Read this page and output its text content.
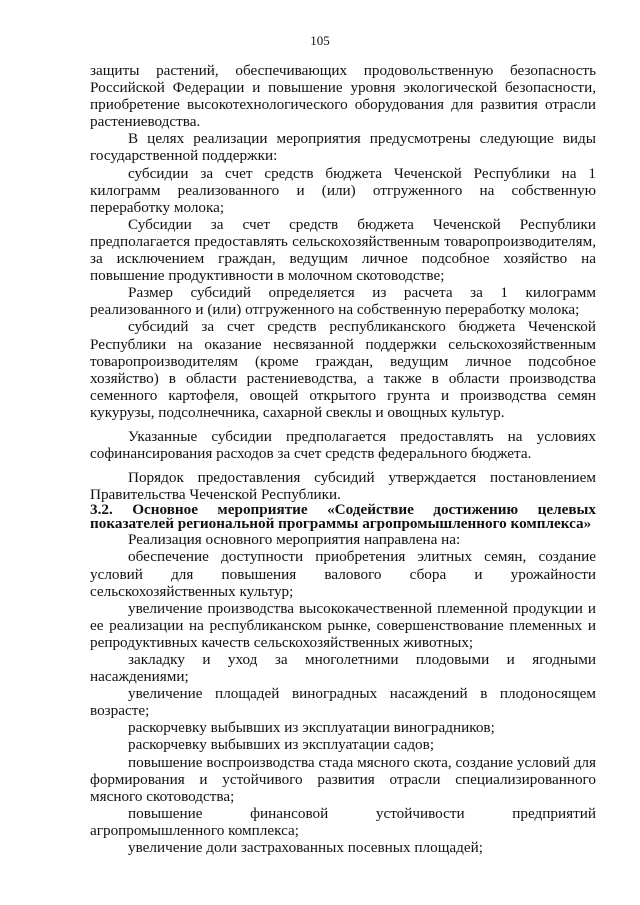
105

защиты растений, обеспечивающих продовольственную безопасность Российской Федерации и повышение уровня экологической безопасности, приобретение высокотехнологического оборудования для развития отрасли растениеводства.

В целях реализации мероприятия предусмотрены следующие виды государственной поддержки:

субсидии за счет средств бюджета Чеченской Республики на 1 килограмм реализованного и (или) отгруженного на собственную переработку молока;

Субсидии за счет средств бюджета Чеченской Республики предполагается предоставлять сельскохозяйственным товаропроизводителям, за исключением граждан, ведущим личное подсобное хозяйство на повышение продуктивности в молочном скотоводстве;

Размер субсидий определяется из расчета за 1 килограмм реализованного и (или) отгруженного на собственную переработку молока;

субсидий за счет средств республиканского бюджета Чеченской Республики на оказание несвязанной поддержки сельскохозяйственным товаропроизводителям (кроме граждан, ведущим личное подсобное хозяйство) в области растениеводства, а также в области производства семенного картофеля, овощей открытого грунта и производства семян кукурузы, подсолнечника, сахарной свеклы и овощных культур.

Указанные субсидии предполагается предоставлять на условиях софинансирования расходов за счет средств федерального бюджета.

Порядок предоставления субсидий утверждается постановлением Правительства Чеченской Республики.

3.2. Основное мероприятие «Содействие достижению целевых показателей региональной программы агропромышленного комплекса»

Реализация основного мероприятия направлена на:

обеспечение доступности приобретения элитных семян, создание условий для повышения валового сбора и урожайности сельскохозяйственных культур;

увеличение производства высококачественной племенной продукции и ее реализации на республиканском рынке, совершенствование племенных и репродуктивных качеств сельскохозяйственных животных;

закладку и уход за многолетними плодовыми и ягодными насаждениями;

увеличение площадей виноградных насаждений в плодоносящем возрасте;

раскорчевку выбывших из эксплуатации виноградников;

раскорчевку выбывших из эксплуатации садов;

повышение воспроизводства стада мясного скота, создание условий для формирования и устойчивого развития отрасли специализированного мясного скотоводства;

повышение финансовой устойчивости предприятий агропромышленного комплекса;

увеличение доли застрахованных посевных площадей;
